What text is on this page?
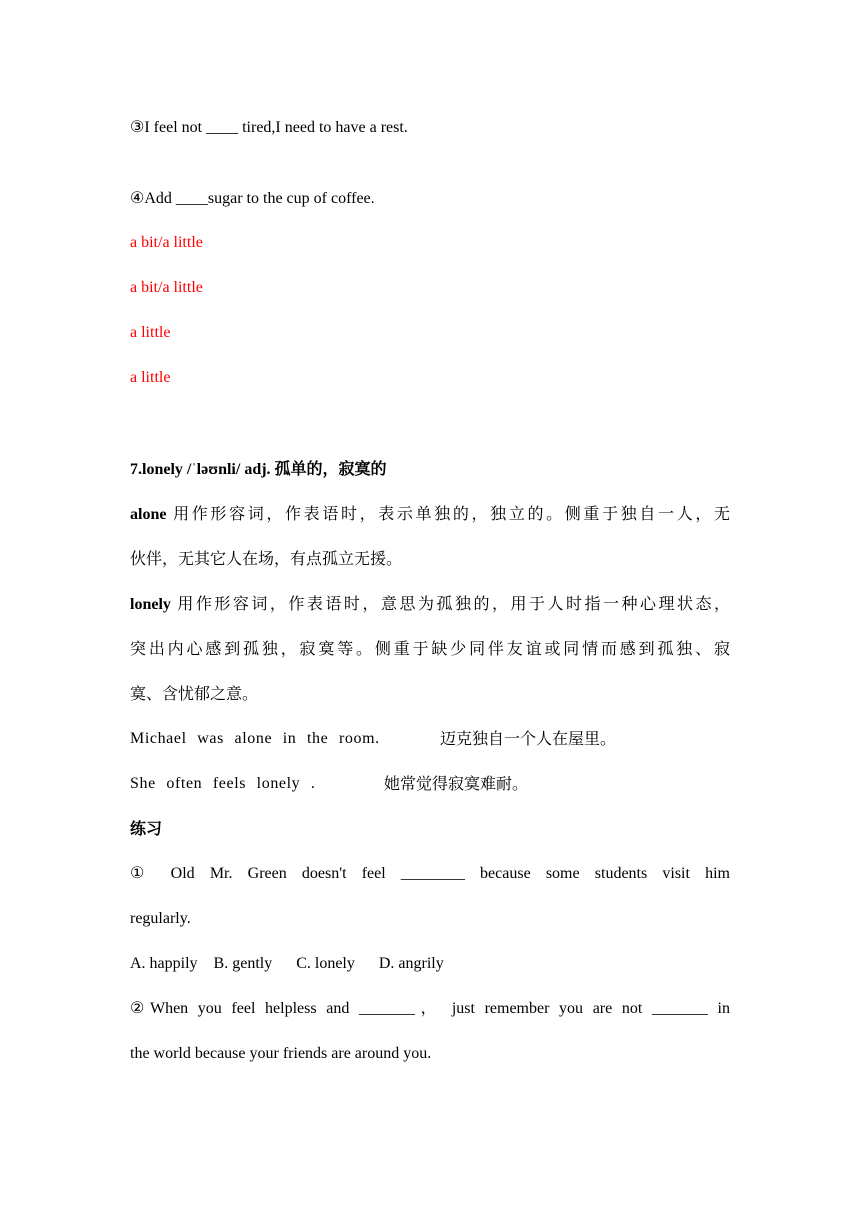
③I feel not ____ tired,I need to have a rest.
④Add ____sugar to the cup of coffee.
a bit/a little
a bit/a little
a little
a little
7.lonely /ˈləʊnli/ adj. 孤单的，寂寞的
alone 用作形容词，作表语时，表示单独的，独立的。侧重于独自一人，无
伙伴，无其它人在场，有点孤立无援。
lonely 用作形容词，作表语时，意思为孤独的，用于人时指一种心理状态，
突出内心感到孤独，寂寞等。侧重于缺少同伴友谊或同情而感到孤独、寂
寞、含忧郁之意。
Michael was alone in the room.	迈克独自一个人在屋里。
She often feels lonely .	她常觉得寂寞难耐。
练习
① Old Mr. Green doesn't feel ________ because some students visit him
regularly.
A. happily    B. gently      C. lonely      D. angrily
②When you feel helpless and _______， just remember you are not _______ in
the world because your friends are around you.
